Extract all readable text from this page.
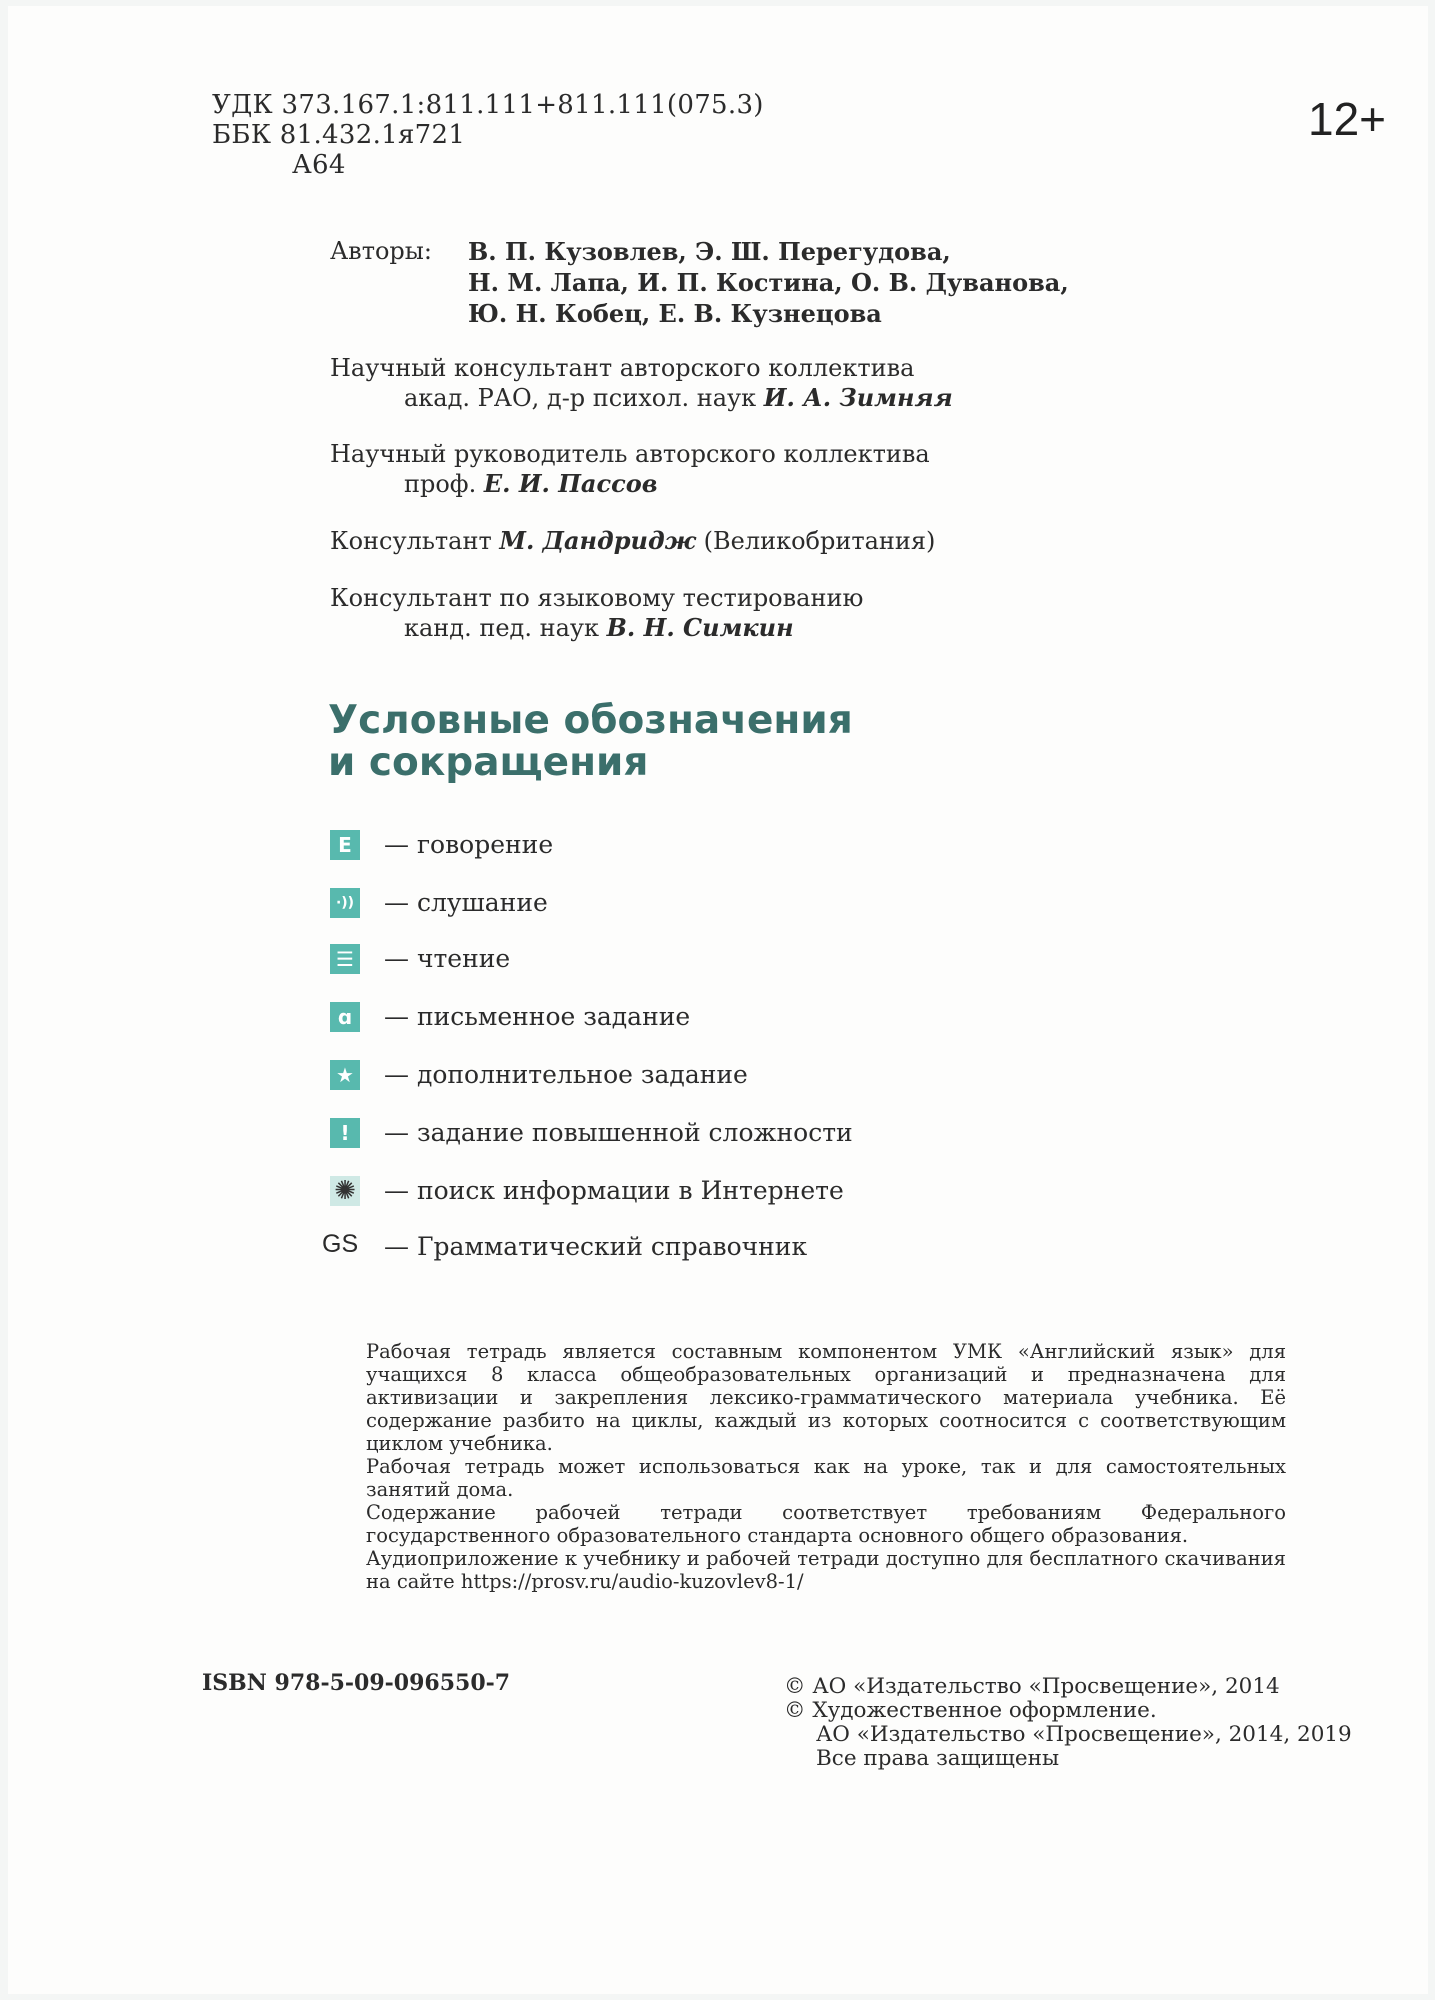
УДК 373.167.1:811.111+811.111(075.3)
ББК 81.432.1я721
А64
12+
Авторы: В. П. Кузовлев, Э. Ш. Перегудова,
Н. М. Лапа, И. П. Костина, О. В. Дуванова,
Ю. Н. Кобец, Е. В. Кузнецова
Научный консультант авторского коллектива
акад. РАО, д-р психол. наук И. А. Зимняя
Научный руководитель авторского коллектива
проф. Е. И. Пассов
Консультант М. Дандридж (Великобритания)
Консультант по языковому тестированию
канд. пед. наук В. Н. Симкин
Условные обозначения
и сокращения
E	— говорение
·)) — слушание
☰ — чтение
ɑ	— письменное задание
★ — дополнительное задание
!	— задание повышенной сложности
✺ — поиск информации в Интернете
GS	— Грамматический справочник

Рабочая тетрадь является составным компонентом УМК «Английский язык» для учащихся 8 класса общеобразовательных организаций и предназначена для активизации и закрепления лексико-грамматического материала учебника. Её содержание разбито на циклы, каждый из которых соотносится с соответствующим циклом учебника.

Рабочая тетрадь может использоваться как на уроке, так и для самостоятельных занятий дома.

Содержание рабочей тетради соответствует требованиям Федерального государственного образовательного стандарта основного общего образования.

Аудиоприложение к учебнику и рабочей тетради доступно для бесплатного скачивания на сайте https://prosv.ru/audio-kuzovlev8-1/

ISBN 978-5-09-096550-7	© АО «Издательство «Просвещение», 2014
© Художественное оформление.
АО «Издательство «Просвещение», 2014, 2019
Все права защищены
